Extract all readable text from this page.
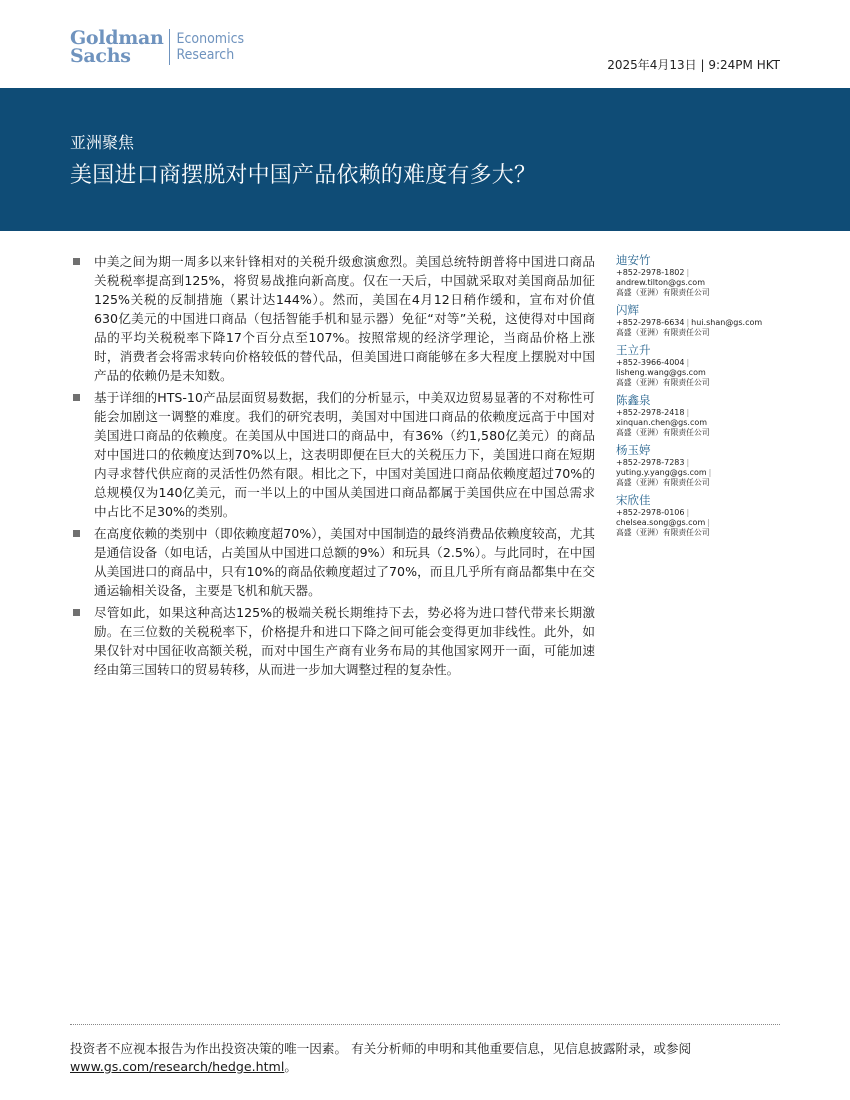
Goldman
Sachs
Economics
Research
2025年4月13日 | 9:24PM HKT
亚洲聚焦
美国进口商摆脱对中国产品依赖的难度有多大？
中美之间为期一周多以来针锋相对的关税升级愈演愈烈。美国总统特朗普将中国进口商品关税税率提高到125%，将贸易战推向新高度。仅在一天后，中国就采取对美国商品加征125%关税的反制措施（累计达144%）。然而，美国在4月12日稍作缓和，宣布对价值630亿美元的中国进口商品（包括智能手机和显示器）免征“对等”关税，这使得对中国商品的平均关税税率下降17个百分点至107%。按照常规的经济学理论，当商品价格上涨时，消费者会将需求转向价格较低的替代品，但美国进口商能够在多大程度上摆脱对中国产品的依赖仍是未知数。
基于详细的HTS-10产品层面贸易数据，我们的分析显示，中美双边贸易显著的不对称性可能会加剧这一调整的难度。我们的研究表明，美国对中国进口商品的依赖度远高于中国对美国进口商品的依赖度。在美国从中国进口的商品中，有36%（约1,580亿美元）的商品对中国进口的依赖度达到70%以上，这表明即便在巨大的关税压力下，美国进口商在短期内寻求替代供应商的灵活性仍然有限。相比之下，中国对美国进口商品依赖度超过70%的总规模仅为140亿美元，而一半以上的中国从美国进口商品都属于美国供应在中国总需求中占比不足30%的类别。
在高度依赖的类别中（即依赖度超70%），美国对中国制造的最终消费品依赖度较高，尤其是通信设备（如电话，占美国从中国进口总额的9%）和玩具（2.5%）。与此同时，在中国从美国进口的商品中，只有10%的商品依赖度超过了70%，而且几乎所有商品都集中在交通运输相关设备，主要是飞机和航天器。
尽管如此，如果这种高达125%的极端关税长期维持下去，势必将为进口替代带来长期激励。在三位数的关税税率下，价格提升和进口下降之间可能会变得更加非线性。此外，如果仅针对中国征收高额关税，而对中国生产商有业务布局的其他国家网开一面，可能加速经由第三国转口的贸易转移，从而进一步加大调整过程的复杂性。
迪安竹
+852-2978-1802 |
andrew.tilton@gs.com
高盛（亚洲）有限责任公司
闪辉
+852-2978-6634 | hui.shan@gs.com
高盛（亚洲）有限责任公司
王立升
+852-3966-4004 |
lisheng.wang@gs.com
高盛（亚洲）有限责任公司
陈鑫泉
+852-2978-2418 |
xinquan.chen@gs.com
高盛（亚洲）有限责任公司
杨玉婷
+852-2978-7283 |
yuting.y.yang@gs.com |
高盛（亚洲）有限责任公司
宋欣佳
+852-2978-0106 |
chelsea.song@gs.com |
高盛（亚洲）有限责任公司
投资者不应视本报告为作出投资决策的唯一因素。 有关分析师的申明和其他重要信息，见信息披露附录，或参阅
www.gs.com/research/hedge.html。
